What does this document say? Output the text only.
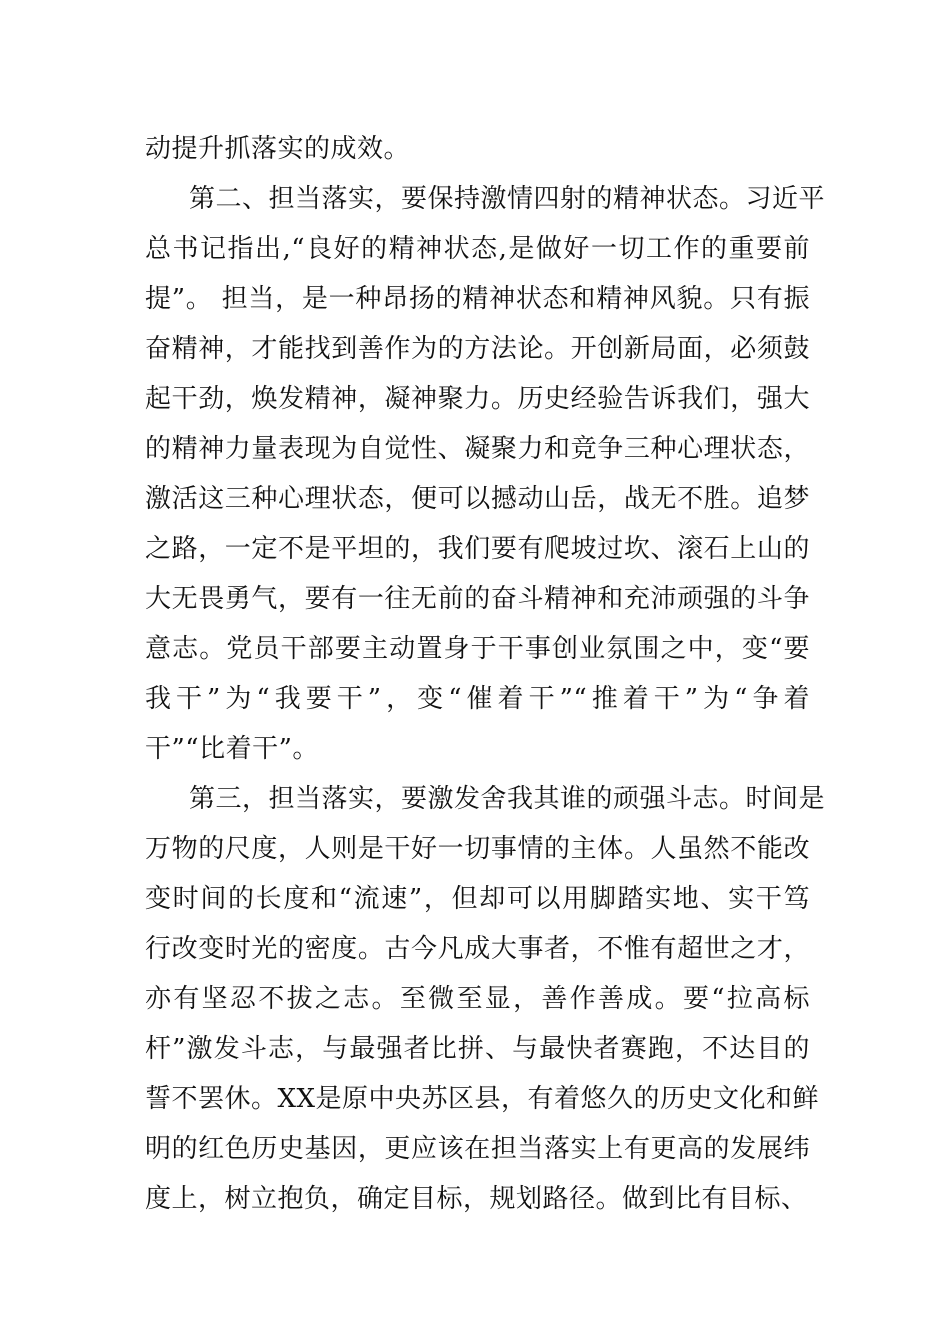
动提升抓落实的成效。
第二、担当落实，要保持激情四射的精神状态。习近平
总书记指出,“良好的精神状态,是做好一切工作的重要前
提”。 担当，是一种昂扬的精神状态和精神风貌。只有振
奋精神，才能找到善作为的方法论。开创新局面，必须鼓
起干劲，焕发精神，凝神聚力。历史经验告诉我们，强大
的精神力量表现为自觉性、凝聚力和竞争三种心理状态，
激活这三种心理状态，便可以撼动山岳，战无不胜。追梦
之路，一定不是平坦的，我们要有爬坡过坎、滚石上山的
大无畏勇气，要有一往无前的奋斗精神和充沛顽强的斗争
意志。党员干部要主动置身于干事创业氛围之中，变“要
我干”为“我要干”，变“催着干”“推着干”为“争着
干”“比着干”。
第三，担当落实，要激发舍我其谁的顽强斗志。时间是
万物的尺度，人则是干好一切事情的主体。人虽然不能改
变时间的长度和“流速”，但却可以用脚踏实地、实干笃
行改变时光的密度。古今凡成大事者，不惟有超世之才，
亦有坚忍不拔之志。至微至显，善作善成。要“拉高标
杆”激发斗志，与最强者比拼、与最快者赛跑，不达目的
誓不罢休。XX是原中央苏区县，有着悠久的历史文化和鲜
明的红色历史基因，更应该在担当落实上有更高的发展纬
度上，树立抱负，确定目标，规划路径。做到比有目标、
